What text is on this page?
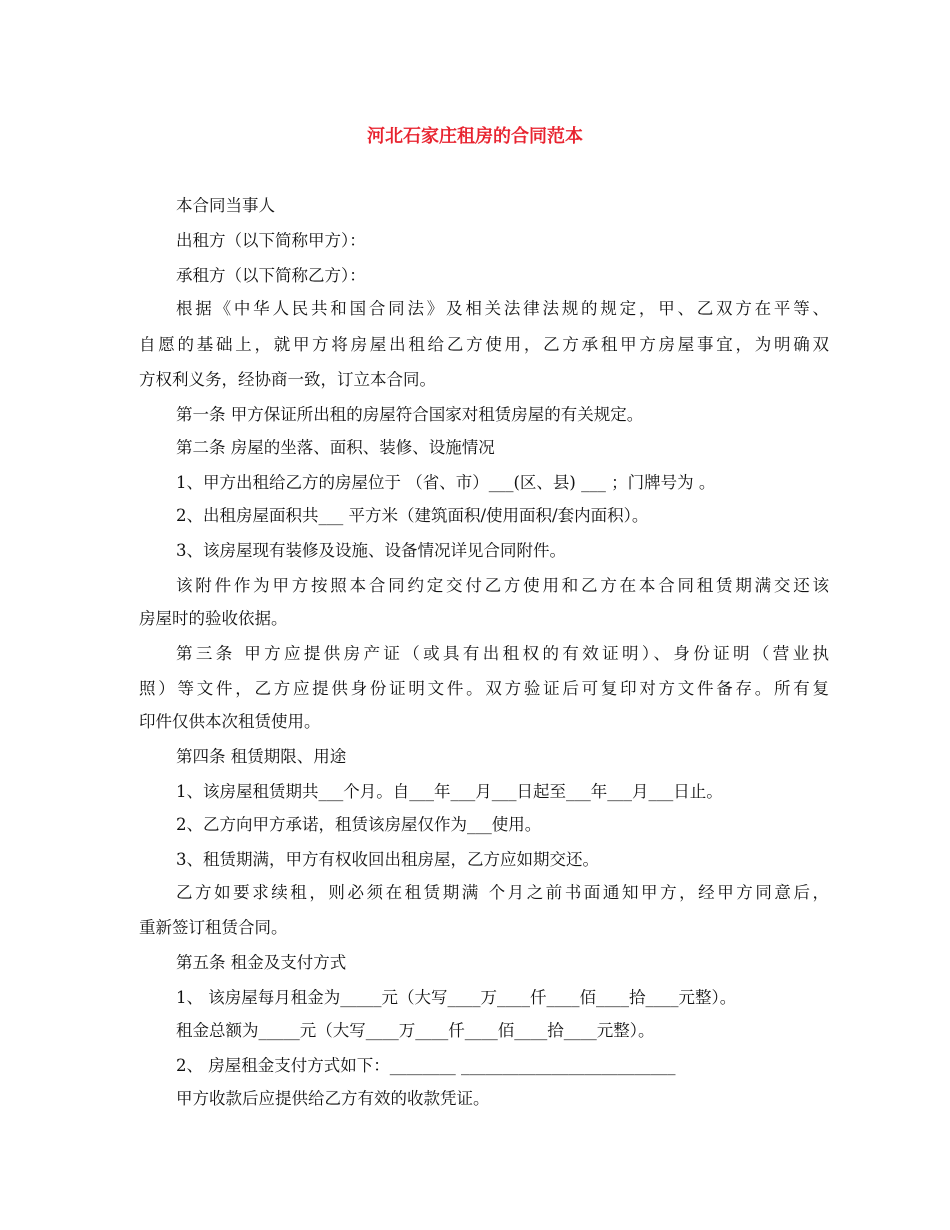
河北石家庄租房的合同范本
本合同当事人
出租方（以下简称甲方）：
承租方（以下简称乙方）：
根据《中华人民共和国合同法》及相关法律法规的规定，甲、乙双方在平等、
自愿的基础上，就甲方将房屋出租给乙方使用，乙方承租甲方房屋事宜，为明确双
方权利义务，经协商一致，订立本合同。
第一条 甲方保证所出租的房屋符合国家对租赁房屋的有关规定。
第二条 房屋的坐落、面积、装修、设施情况
1、甲方出租给乙方的房屋位于 （省、市）___(区、县) ___ ；门牌号为 。
2、出租房屋面积共___ 平方米（建筑面积/使用面积/套内面积）。
3、该房屋现有装修及设施、设备情况详见合同附件。
该附件作为甲方按照本合同约定交付乙方使用和乙方在本合同租赁期满交还该
房屋时的验收依据。
第三条 甲方应提供房产证（或具有出租权的有效证明）、身份证明（营业执
照）等文件，乙方应提供身份证明文件。双方验证后可复印对方文件备存。所有复
印件仅供本次租赁使用。
第四条 租赁期限、用途
1、该房屋租赁期共___个月。自___年___月___日起至___年___月___日止。
2、乙方向甲方承诺，租赁该房屋仅作为___使用。
3、租赁期满，甲方有权收回出租房屋，乙方应如期交还。
乙方如要求续租，则必须在租赁期满 个月之前书面通知甲方，经甲方同意后，
重新签订租赁合同。
第五条 租金及支付方式
1、 该房屋每月租金为_____元（大写____万____仟____佰____拾____元整）。
租金总额为_____元（大写____万____仟____佰____拾____元整）。
2、 房屋租金支付方式如下：________ __________________________
甲方收款后应提供给乙方有效的收款凭证。
